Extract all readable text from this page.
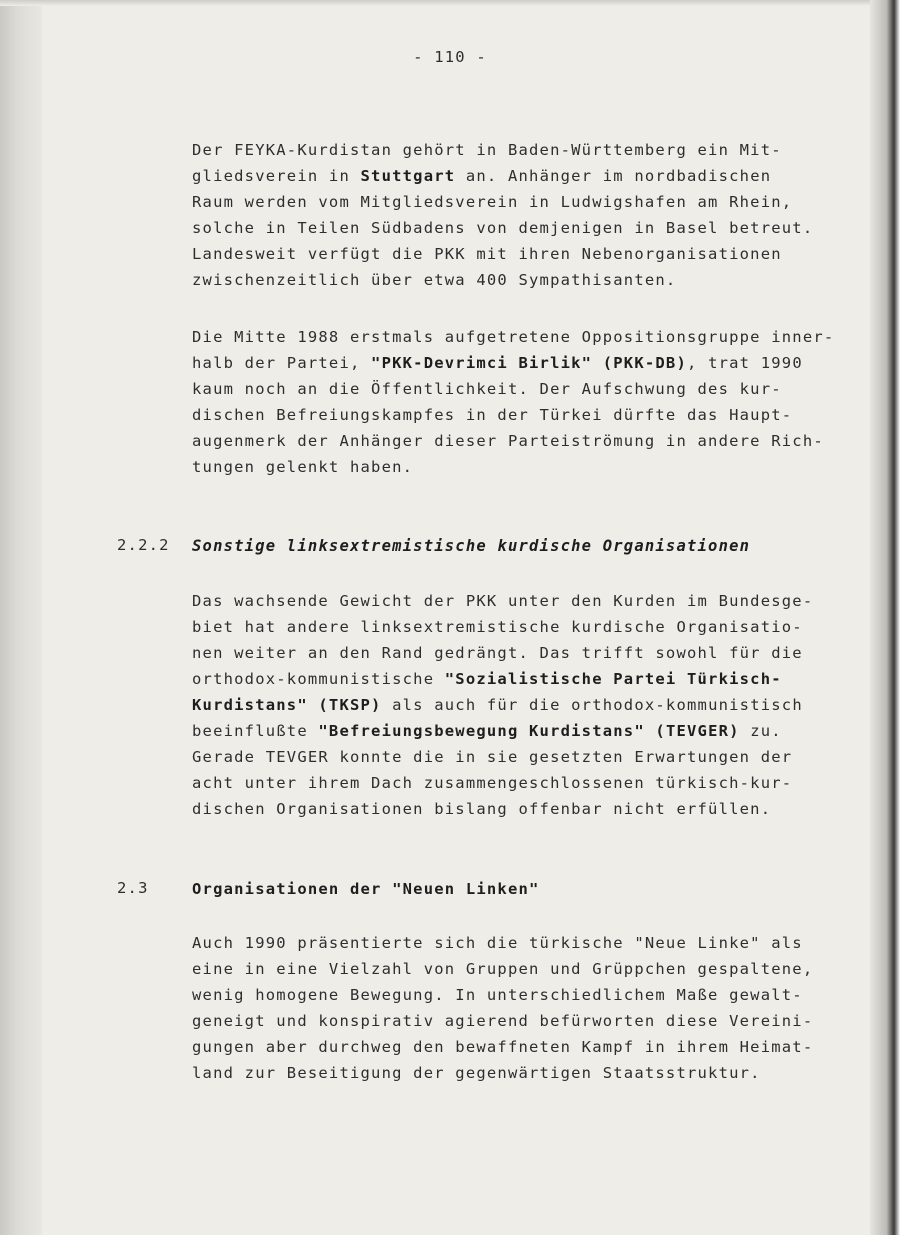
- 110 -
Der FEYKA-Kurdistan gehört in Baden-Württemberg ein Mit-
gliedsverein in Stuttgart an. Anhänger im nordbadischen
Raum werden vom Mitgliedsverein in Ludwigshafen am Rhein,
solche in Teilen Südbadens von demjenigen in Basel betreut.
Landesweit verfügt die PKK mit ihren Nebenorganisationen
zwischenzeitlich über etwa 400 Sympathisanten.
Die Mitte 1988 erstmals aufgetretene Oppositionsgruppe inner-
halb der Partei, "PKK-Devrimci Birlik" (PKK-DB), trat 1990
kaum noch an die Öffentlichkeit. Der Aufschwung des kur-
dischen Befreiungskampfes in der Türkei dürfte das Haupt-
augenmerk der Anhänger dieser Parteiströmung in andere Rich-
tungen gelenkt haben.
2.2.2 Sonstige linksextremistische kurdische Organisationen
Das wachsende Gewicht der PKK unter den Kurden im Bundesge-
biet hat andere linksextremistische kurdische Organisatio-
nen weiter an den Rand gedrängt. Das trifft sowohl für die
orthodox-kommunistische "Sozialistische Partei Türkisch-
Kurdistans" (TKSP) als auch für die orthodox-kommunistisch
beeinflußte "Befreiungsbewegung Kurdistans" (TEVGER) zu.
Gerade TEVGER konnte die in sie gesetzten Erwartungen der
acht unter ihrem Dach zusammengeschlossenen türkisch-kur-
dischen Organisationen bislang offenbar nicht erfüllen.
2.3	Organisationen der "Neuen Linken"
Auch 1990 präsentierte sich die türkische "Neue Linke" als
eine in eine Vielzahl von Gruppen und Grüppchen gespaltene,
wenig homogene Bewegung. In unterschiedlichem Maße gewalt-
geneigt und konspirativ agierend befürworten diese Vereini-
gungen aber durchweg den bewaffneten Kampf in ihrem Heimat-
land zur Beseitigung der gegenwärtigen Staatsstruktur.
